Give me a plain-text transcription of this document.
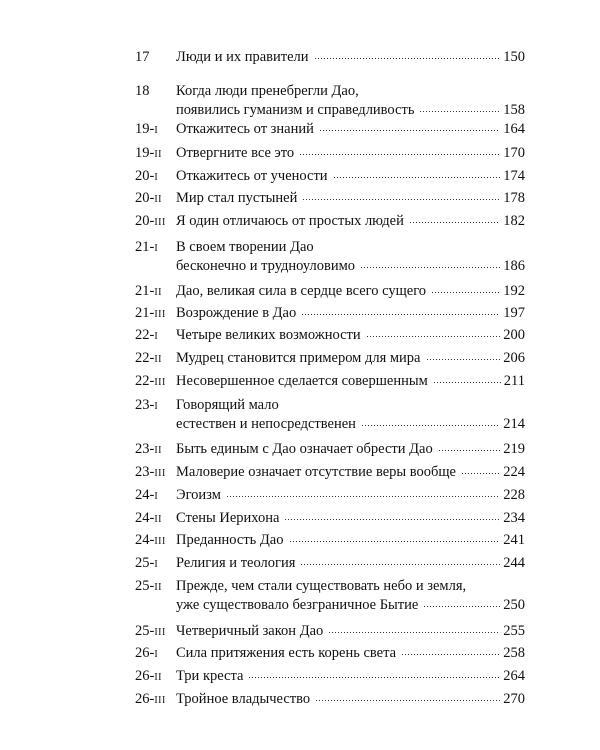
17	Люди и их правители	150
18	Когда люди пренебрегли Дао,
появились гуманизм и справедливость	158
19-I	Откажитесь от знаний	164
19-II Отвергните все это	170
20-I	Откажитесь от учености	174
20-II Мир стал пустыней	178
20-III Я один отличаюсь от простых людей	182
21-I	В своем творении Дао
бесконечно и трудноуловимо	186
21-II Дао, великая сила в сердце всего сущего	192
21-III Возрождение в Дао	197
22-I	Четыре великих возможности	200
22-II Мудрец становится примером для мира	206
22-III Несовершенное сделается совершенным	211
23-I	Говорящий мало
естествен и непосредственен	214
23-II Быть единым с Дао означает обрести Дао	219
23-III Маловерие означает отсутствие веры вообще	224
24-I	Эгоизм	228
24-II Стены Иерихона	234
24-III Преданность Дао	241
25-I	Религия и теология	244
25-II Прежде, чем стали существовать небо и земля,
уже существовало безграничное Бытие	250
25-III Четверичный закон Дао	255
26-I	Сила притяжения есть корень света	258
26-II Три креста	264
26-III Тройное владычество	270
